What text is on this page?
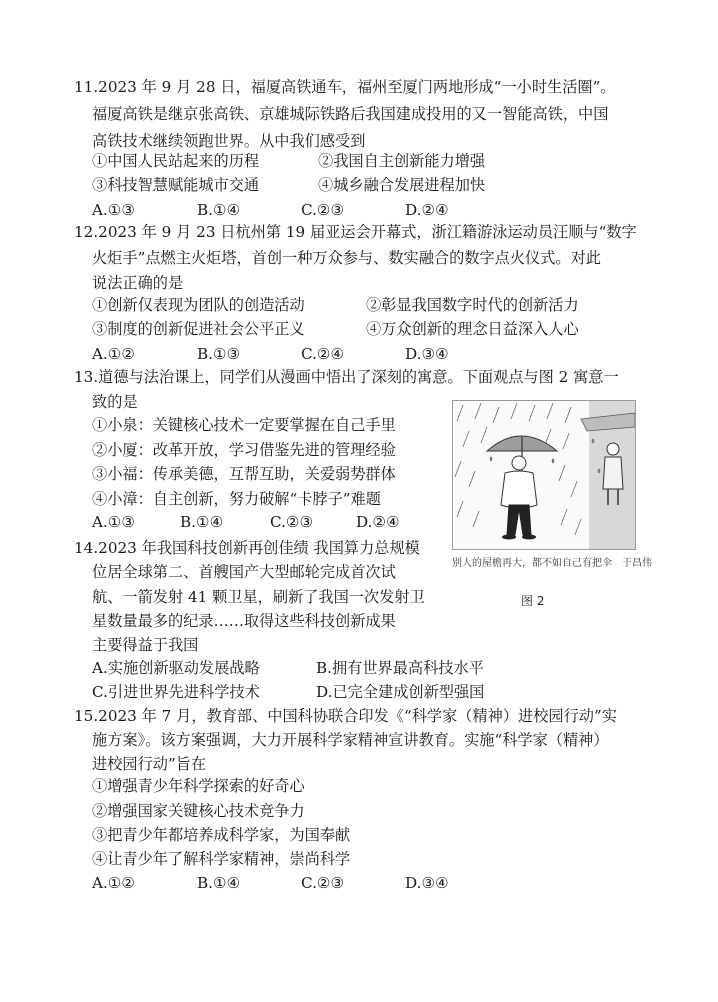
11.2023 年 9 月 28 日，福厦高铁通车，福州至厦门两地形成“一小时生活圈”。
福厦高铁是继京张高铁、京雄城际铁路后我国建成投用的又一智能高铁，中国
高铁技术继续领跑世界。从中我们感受到
①中国人民站起来的历程	②我国自主创新能力增强
③科技智慧赋能城市交通	④城乡融合发展进程加快
A.①③	B.①④	C.②③	D.②④
12.2023 年 9 月 23 日杭州第 19 届亚运会开幕式，浙江籍游泳运动员汪顺与“数字
火炬手”点燃主火炬塔，首创一种万众参与、数实融合的数字点火仪式。对此
说法正确的是
①创新仅表现为团队的创造活动	②彰显我国数字时代的创新活力
③制度的创新促进社会公平正义	④万众创新的理念日益深入人心
A.①②	B.①③	C.②④	D.③④
13.道德与法治课上，同学们从漫画中悟出了深刻的寓意。下面观点与图 2 寓意一
致的是
①小泉：关键核心技术一定要掌握在自己手里
②小厦：改革开放，学习借鉴先进的管理经验
③小福：传承美德，互帮互助，关爱弱势群体
④小漳：自主创新，努力破解“卡脖子”难题
A.①③	B.①④	C.②③	D.②④
别人的屋檐再大，都不如自己有把伞　于昌伟
图 2
14.2023 年我国科技创新再创佳绩 我国算力总规模
位居全球第二、首艘国产大型邮轮完成首次试
航、一箭发射 41 颗卫星，刷新了我国一次发射卫
星数量最多的纪录……取得这些科技创新成果
主要得益于我国
A.实施创新驱动发展战略	B.拥有世界最高科技水平
C.引进世界先进科学技术	D.已完全建成创新型强国
15.2023 年 7 月，教育部、中国科协联合印发《“科学家（精神）进校园行动”实
施方案》。该方案强调，大力开展科学家精神宣讲教育。实施“科学家（精神）
进校园行动”旨在
①增强青少年科学探索的好奇心
②增强国家关键核心技术竞争力
③把青少年都培养成科学家，为国奉献
④让青少年了解科学家精神，崇尚科学
A.①②	B.①④	C.②③	D.③④
